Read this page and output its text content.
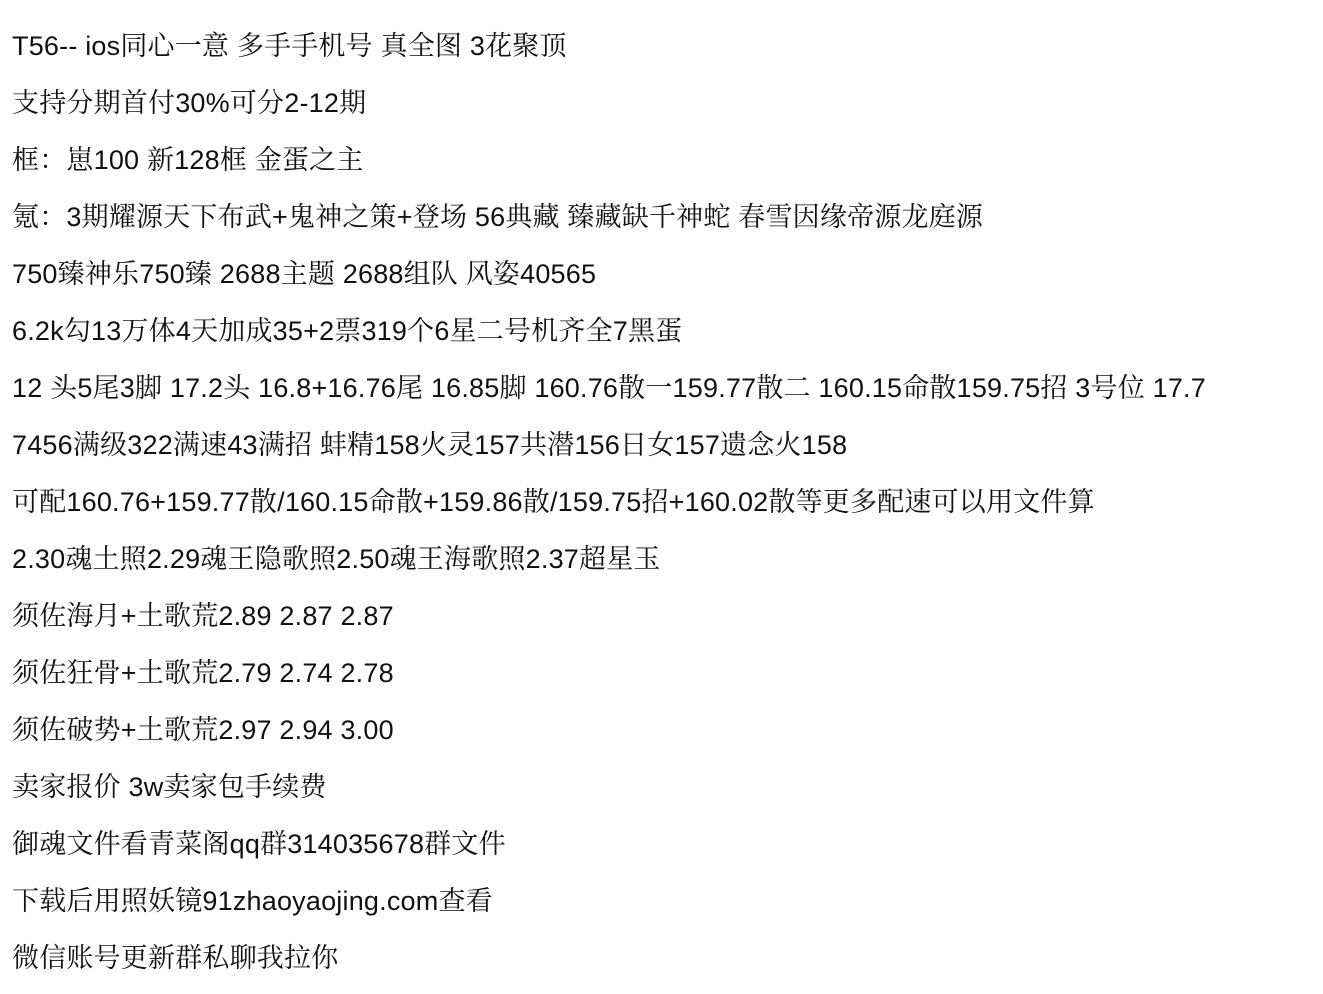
T56-- ios同心一意 多手手机号 真全图 3花聚顶
支持分期首付30%可分2-12期
框：崽100 新128框 金蛋之主
氪：3期耀源天下布武+鬼神之策+登场 56典藏 臻藏缺千神蛇 春雪因缘帝源龙庭源
750臻神乐750臻 2688主题 2688组队 风姿40565
6.2k勾13万体4天加成35+2票319个6星二号机齐全7黑蛋
12 头5尾3脚 17.2头 16.8+16.76尾 16.85脚 160.76散一159.77散二 160.15命散159.75招 3号位 17.7
7456满级322满速43满招 蚌精158火灵157共潜156日女157遗念火158
可配160.76+159.77散/160.15命散+159.86散/159.75招+160.02散等更多配速可以用文件算
2.30魂土照2.29魂王隐歌照2.50魂王海歌照2.37超星玉
须佐海月+土歌荒2.89 2.87 2.87
须佐狂骨+土歌荒2.79 2.74 2.78
须佐破势+土歌荒2.97 2.94 3.00
卖家报价 3w卖家包手续费
御魂文件看青菜阁qq群314035678群文件
下载后用照妖镜91zhaoyaojing.com查看
微信账号更新群私聊我拉你
